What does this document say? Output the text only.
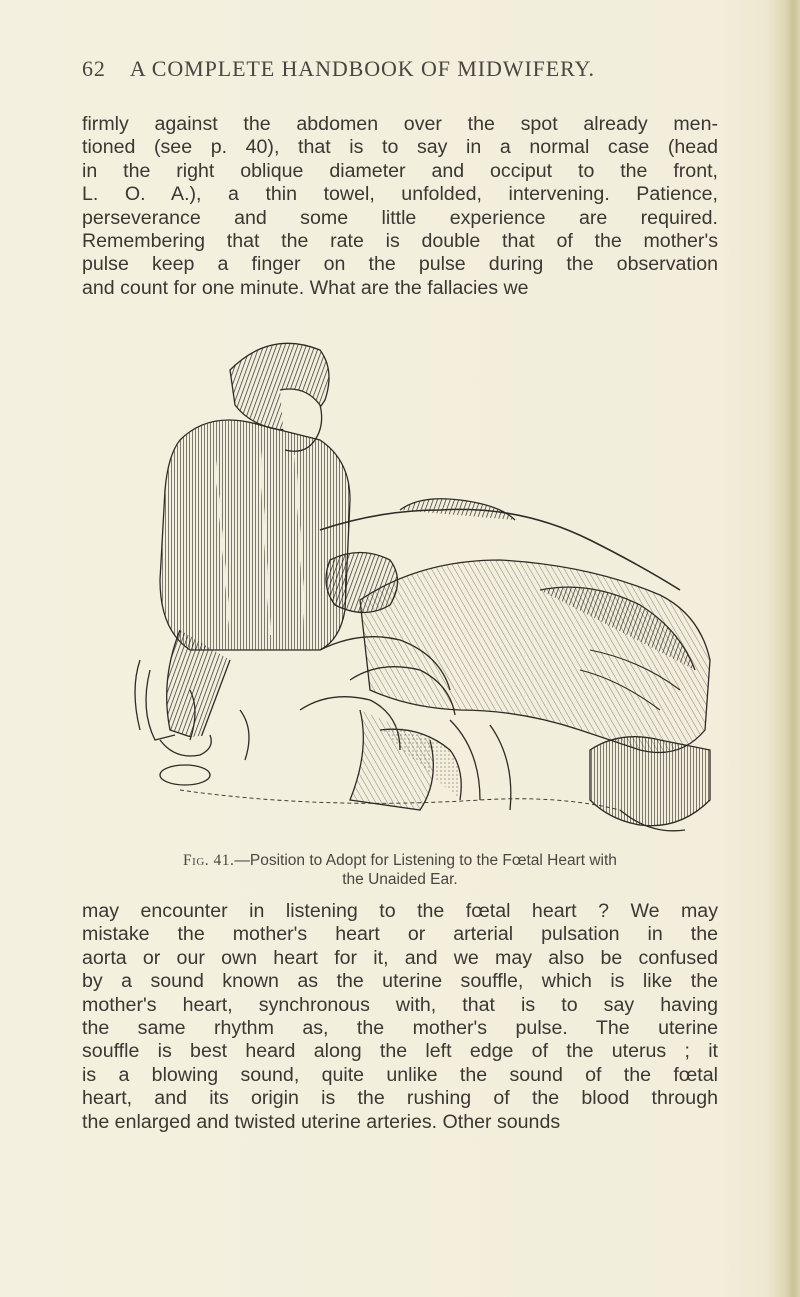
62 A COMPLETE HANDBOOK OF MIDWIFERY.
firmly against the abdomen over the spot already men-
tioned (see p. 40), that is to say in a normal case (head
in the right oblique diameter and occiput to the front,
L. O. A.), a thin towel, unfolded, intervening. Patience,
perseverance and some little experience are required.
Remembering that the rate is double that of the mother's
pulse keep a finger on the pulse during the observation
and count for one minute. What are the fallacies we
Fig. 41.—Position to Adopt for Listening to the Fœtal Heart with
the Unaided Ear.
may encounter in listening to the fœtal heart ? We may
mistake the mother's heart or arterial pulsation in the
aorta or our own heart for it, and we may also be confused
by a sound known as the uterine souffle, which is like the
mother's heart, synchronous with, that is to say having
the same rhythm as, the mother's pulse. The uterine
souffle is best heard along the left edge of the uterus ; it
is a blowing sound, quite unlike the sound of the fœtal
heart, and its origin is the rushing of the blood through
the enlarged and twisted uterine arteries. Other sounds
